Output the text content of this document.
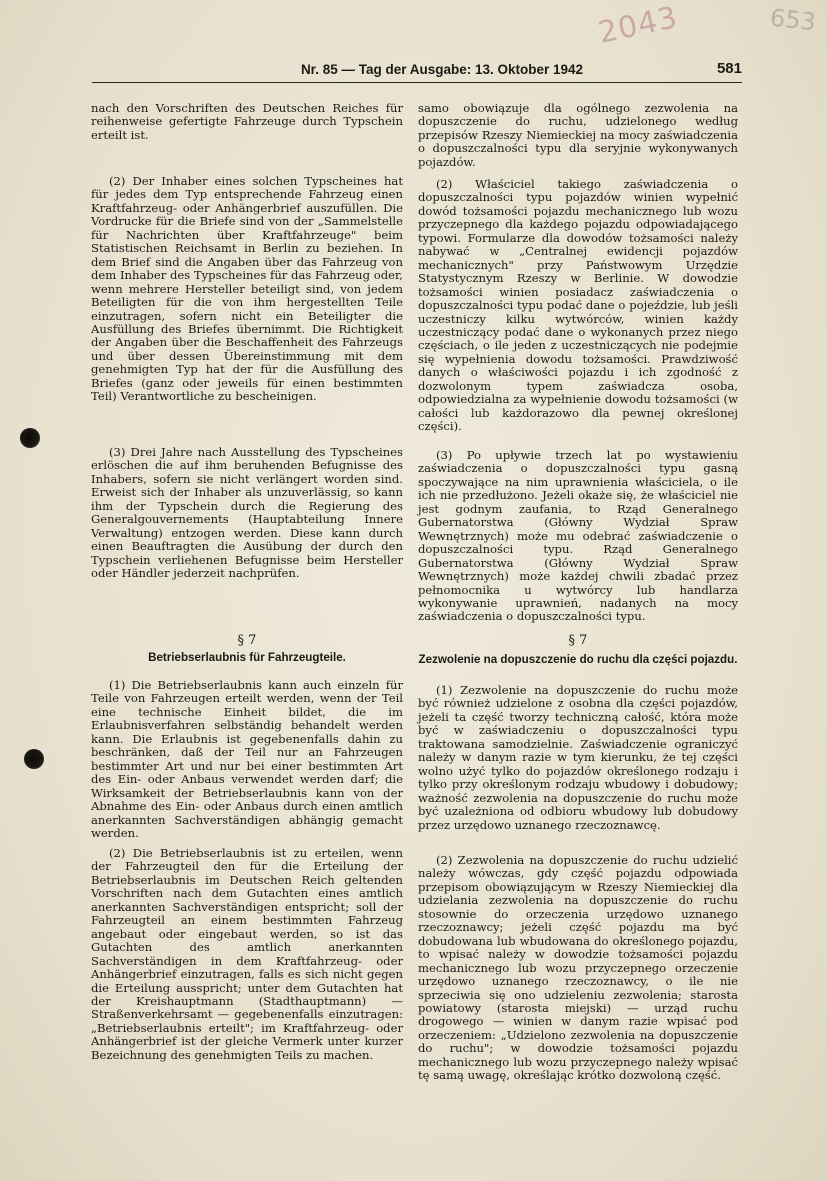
2043	653
Nr. 85 — Tag der Ausgabe: 13. Oktober 1942	581

nach den Vorschriften des Deutschen Reiches für reihenweise gefertigte Fahrzeuge durch Typschein erteilt ist.

(2) Der Inhaber eines solchen Typscheines hat für jedes dem Typ entsprechende Fahrzeug einen Kraftfahrzeug- oder Anhängerbrief auszufüllen. Die Vordrucke für die Briefe sind von der „Sammelstelle für Nachrichten über Kraftfahrzeuge" beim Statistischen Reichsamt in Berlin zu beziehen. In dem Brief sind die Angaben über das Fahrzeug von dem Inhaber des Typscheines für das Fahrzeug oder, wenn mehrere Hersteller beteiligt sind, von jedem Beteiligten für die von ihm hergestellten Teile einzutragen, sofern nicht ein Beteiligter die Ausfüllung des Briefes übernimmt. Die Richtigkeit der Angaben über die Beschaffenheit des Fahrzeugs und über dessen Übereinstimmung mit dem genehmigten Typ hat der für die Ausfüllung des Briefes (ganz oder jeweils für einen bestimmten Teil) Verantwortliche zu bescheinigen.

(3) Drei Jahre nach Ausstellung des Typscheines erlöschen die auf ihm beruhenden Befugnisse des Inhabers, sofern sie nicht verlängert worden sind. Erweist sich der Inhaber als unzuverlässig, so kann ihm der Typschein durch die Regierung des Generalgouvernements (Hauptabteilung Innere Verwaltung) entzogen werden. Diese kann durch einen Beauftragten die Ausübung der durch den Typschein verliehenen Befugnisse beim Hersteller oder Händler jederzeit nachprüfen.

§ 7
Betriebserlaubnis für Fahrzeugteile.

(1) Die Betriebserlaubnis kann auch einzeln für Teile von Fahrzeugen erteilt werden, wenn der Teil eine technische Einheit bildet, die im Erlaubnisverfahren selbständig behandelt werden kann. Die Erlaubnis ist gegebenenfalls dahin zu beschränken, daß der Teil nur an Fahrzeugen bestimmter Art und nur bei einer bestimmten Art des Ein- oder Anbaus verwendet werden darf; die Wirksamkeit der Betriebserlaubnis kann von der Abnahme des Ein- oder Anbaus durch einen amtlich anerkannten Sachverständigen abhängig gemacht werden.

(2) Die Betriebserlaubnis ist zu erteilen, wenn der Fahrzeugteil den für die Erteilung der Betriebserlaubnis im Deutschen Reich geltenden Vorschriften nach dem Gutachten eines amtlich anerkannten Sachverständigen entspricht; soll der Fahrzeugteil an einem bestimmten Fahrzeug angebaut oder eingebaut werden, so ist das Gutachten des amtlich anerkannten Sachverständigen in dem Kraftfahrzeug- oder Anhängerbrief einzutragen, falls es sich nicht gegen die Erteilung ausspricht; unter dem Gutachten hat der Kreishauptmann (Stadthauptmann) — Straßenverkehrsamt — gegebenenfalls einzutragen: „Betriebserlaubnis erteilt"; im Kraftfahrzeug- oder Anhängerbrief ist der gleiche Vermerk unter kurzer Bezeichnung des genehmigten Teils zu machen.

samo obowiązuje dla ogólnego zezwolenia na dopuszczenie do ruchu, udzielonego według przepisów Rzeszy Niemieckiej na mocy zaświadczenia o dopuszczalności typu dla seryjnie wykonywanych pojazdów.

(2) Właściciel takiego zaświadczenia o dopuszczalności typu pojazdów winien wypełnić dowód tożsamości pojazdu mechanicznego lub wozu przyczepnego dla każdego pojazdu odpowiadającego typowi. Formularze dla dowodów tożsamości należy nabywać w „Centralnej ewidencji pojazdów mechanicznych" przy Państwowym Urzędzie Statystycznym Rzeszy w Berlinie. W dowodzie tożsamości winien posiadacz zaświadczenia o dopuszczalności typu podać dane o pojeździe, lub jeśli uczestniczy kilku wytwórców, winien każdy uczestniczący podać dane o wykonanych przez niego częściach, o ile jeden z uczestniczących nie podejmie się wypełnienia dowodu tożsamości. Prawdziwość danych o właściwości pojazdu i ich zgodność z dozwolonym typem zaświadcza osoba, odpowiedzialna za wypełnienie dowodu tożsamości (w całości lub każdorazowo dla pewnej określonej części).

(3) Po upływie trzech lat po wystawieniu zaświadczenia o dopuszczalności typu gasną spoczywające na nim uprawnienia właściciela, o ile ich nie przedłużono. Jeżeli okaże się, że właściciel nie jest godnym zaufania, to Rząd Generalnego Gubernatorstwa (Główny Wydział Spraw Wewnętrznych) może mu odebrać zaświadczenie o dopuszczalności typu. Rząd Generalnego Gubernatorstwa (Główny Wydział Spraw Wewnętrznych) może każdej chwili zbadać przez pełnomocnika u wytwórcy lub handlarza wykonywanie uprawnień, nadanych na mocy zaświadczenia o dopuszczalności typu.

§ 7
Zezwolenie na dopuszczenie do ruchu dla części pojazdu.

(1) Zezwolenie na dopuszczenie do ruchu może być również udzielone z osobna dla części pojazdów, jeżeli ta część tworzy techniczną całość, która może być w zaświadczeniu o dopuszczalności typu traktowana samodzielnie. Zaświadczenie ograniczyć należy w danym razie w tym kierunku, że tej części wolno użyć tylko do pojazdów określonego rodzaju i tylko przy określonym rodzaju wbudowy i dobudowy; ważność zezwolenia na dopuszczenie do ruchu może być uzależniona od odbioru wbudowy lub dobudowy przez urzędowo uznanego rzeczoznawcę.

(2) Zezwolenia na dopuszczenie do ruchu udzielić należy wówczas, gdy część pojazdu odpowiada przepisom obowiązującym w Rzeszy Niemieckiej dla udzielania zezwolenia na dopuszczenie do ruchu stosownie do orzeczenia urzędowo uznanego rzeczoznawcy; jeżeli część pojazdu ma być dobudowana lub wbudowana do określonego pojazdu, to wpisać należy w dowodzie tożsamości pojazdu mechanicznego lub wozu przyczepnego orzeczenie urzędowo uznanego rzeczoznawcy, o ile nie sprzeciwia się ono udzieleniu zezwolenia; starosta powiatowy (starosta miejski) — urząd ruchu drogowego — winien w danym razie wpisać pod orzeczeniem: „Udzielono zezwolenia na dopuszczenie do ruchu"; w dowodzie tożsamości pojazdu mechanicznego lub wozu przyczepnego należy wpisać tę samą uwagę, określając krótko dozwoloną część.
